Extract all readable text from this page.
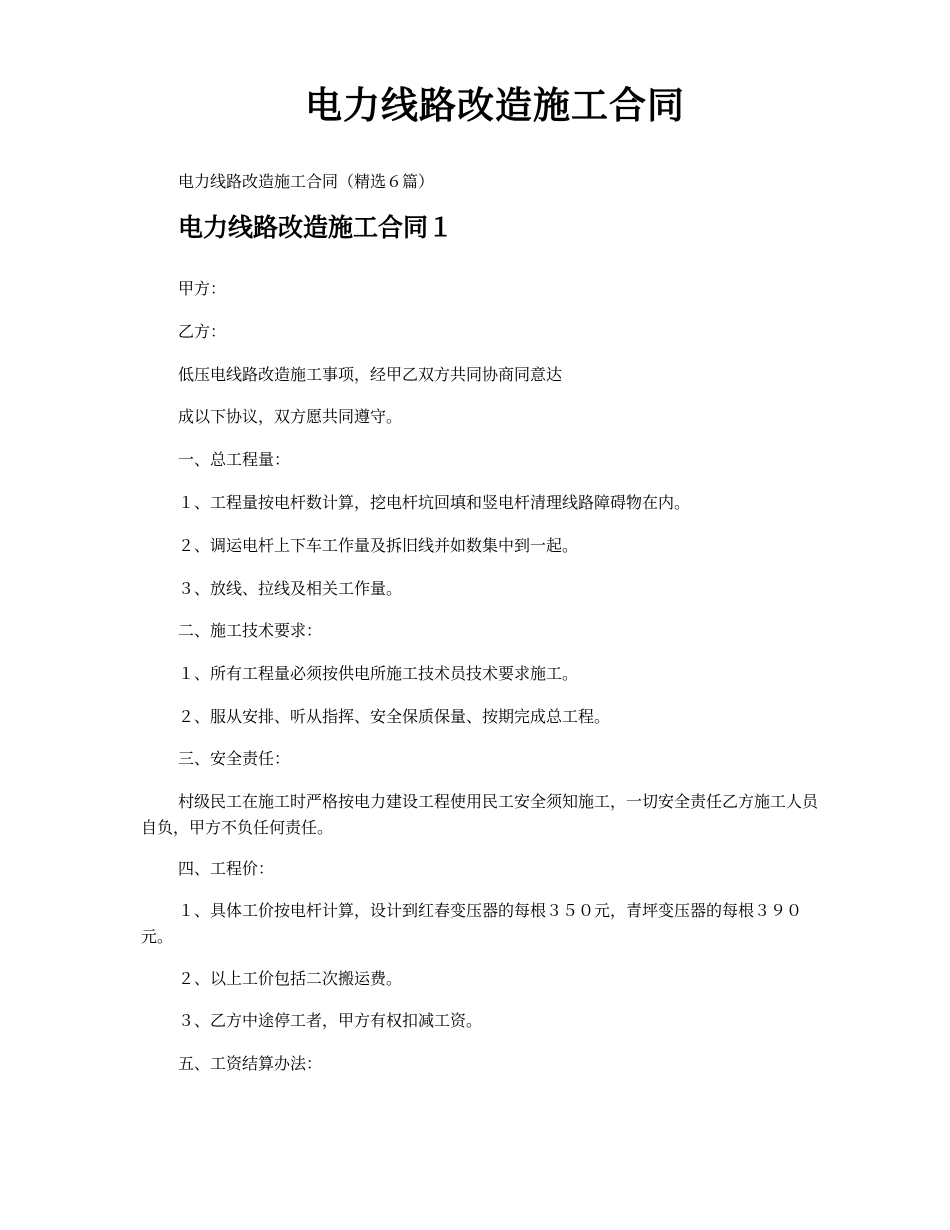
电力线路改造施工合同
电力线路改造施工合同（精选６篇）
电力线路改造施工合同１

甲方：

乙方：

低压电线路改造施工事项，经甲乙双方共同协商同意达

成以下协议，双方愿共同遵守。

一、总工程量：

１、工程量按电杆数计算，挖电杆坑回填和竖电杆清理线路障碍物在内。

２、调运电杆上下车工作量及拆旧线并如数集中到一起。

３、放线、拉线及相关工作量。

二、施工技术要求：

１、所有工程量必须按供电所施工技术员技术要求施工。

２、服从安排、听从指挥、安全保质保量、按期完成总工程。

三、安全责任：

村级民工在施工时严格按电力建设工程使用民工安全须知施工，一切安全责任乙方施工人员自负，甲方不负任何责任。

四、工程价：

１、具体工价按电杆计算，设计到红春变压器的每根３５０元，青坪变压器的每根３９０元。

２、以上工价包括二次搬运费。

３、乙方中途停工者，甲方有权扣减工资。

五、工资结算办法：
